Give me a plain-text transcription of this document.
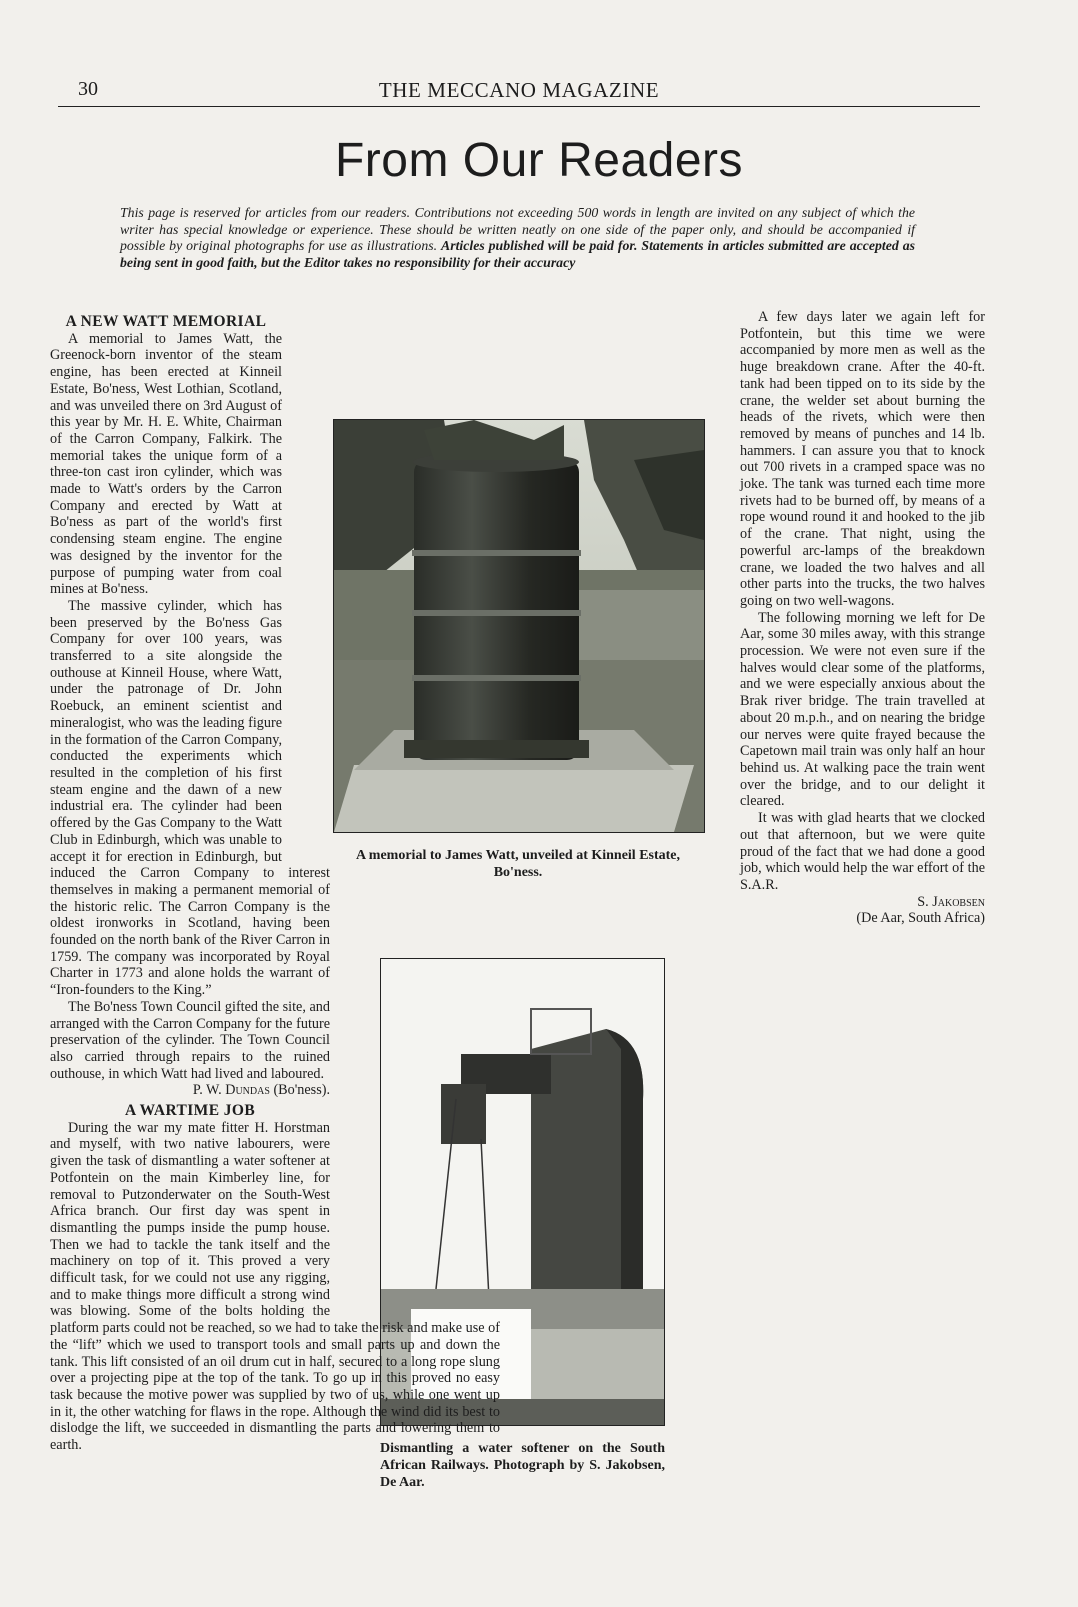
30	THE MECCANO MAGAZINE
From Our Readers
This page is reserved for articles from our readers. Contributions not exceeding 500 words in length are invited on any subject of which the writer has special knowledge or experience. These should be written neatly on one side of the paper only, and should be accompanied if possible by original photographs for use as illustrations. Articles published will be paid for. Statements in articles submitted are accepted as being sent in good faith, but the Editor takes no responsibility for their accuracy
A memorial to James Watt, unveiled at Kinneil Estate, Bo'ness.
Dismantling a water softener on the South African Railways. Photograph by S. Jakobsen, De Aar.
A NEW WATT MEMORIAL

A memorial to James Watt, the Greenock-born inventor of the steam engine, has been erected at Kinneil Estate, Bo'ness, West Lothian, Scotland, and was unveiled there on 3rd August of this year by Mr. H. E. White, Chairman of the Carron Company, Falkirk. The memorial takes the unique form of a three-ton cast iron cylinder, which was made to Watt's orders by the Carron Company and erected by Watt at Bo'ness as part of the world's first condensing steam engine. The engine was designed by the inventor for the purpose of pumping water from coal mines at Bo'ness.

The massive cylinder, which has been preserved by the Bo'ness Gas Company for over 100 years, was transferred to a site alongside the outhouse at Kinneil House, where Watt, under the patronage of Dr. John Roebuck, an eminent scientist and mineralogist, who was the leading figure in the formation of the Carron Company, conducted the experiments which resulted in the completion of his first steam engine and the dawn of a new industrial era. The cylinder had been offered by the Gas Company to the Watt Club in Edinburgh, which was unable to accept it for erection in Edinburgh, but induced the Carron Company to interest themselves in making a permanent memorial of the historic relic. The Carron Company is the oldest ironworks in Scotland, having been founded on the north bank of the River Carron in 1759. The company was incorporated by Royal Charter in 1773 and alone holds the warrant of “Iron-founders to the King.”

The Bo'ness Town Council gifted the site, and arranged with the Carron Company for the future preservation of the cylinder. The Town Council also carried through repairs to the ruined outhouse, in which Watt had lived and laboured.

P. W. Dundas (Bo'ness).

A WARTIME JOB

During the war my mate fitter H. Horstman and myself, with two native labourers, were given the task of dismantling a water softener at Potfontein on the main Kimberley line, for removal to Putzonderwater on the South-West Africa branch. Our first day was spent in dismantling the pumps inside the pump house. Then we had to tackle the tank itself and the machinery on top of it. This proved a very difficult task, for we could not use any rigging, and to make things more difficult a strong wind was blowing. Some of the bolts holding the platform parts could not be reached, so we had to take the risk and make use of the “lift” which we used to transport tools and small parts up and down the tank. This lift consisted of an oil drum cut in half, secured to a long rope slung over a projecting pipe at the top of the tank. To go up in this proved no easy task because the motive power was supplied by two of us, while one went up in it, the other watching for flaws in the rope. Although the wind did its best to dislodge the lift, we succeeded in dismantling the parts and lowering them to earth.

A few days later we again left for Potfontein, but this time we were accompanied by more men as well as the huge breakdown crane. After the 40-ft. tank had been tipped on to its side by the crane, the welder set about burning the heads of the rivets, which were then removed by means of punches and 14 lb. hammers. I can assure you that to knock out 700 rivets in a cramped space was no joke. The tank was turned each time more rivets had to be burned off, by means of a rope wound round it and hooked to the jib of the crane. That night, using the powerful arc-lamps of the breakdown crane, we loaded the two halves and all other parts into the trucks, the two halves going on two well-wagons.

The following morning we left for De Aar, some 30 miles away, with this strange procession. We were not even sure if the halves would clear some of the platforms, and we were especially anxious about the Brak river bridge. The train travelled at about 20 m.p.h., and on nearing the bridge our nerves were quite frayed because the Capetown mail train was only half an hour behind us. At walking pace the train went over the bridge, and to our delight it cleared.

It was with glad hearts that we clocked out that afternoon, but we were quite proud of the fact that we had done a good job, which would help the war effort of the S.A.R.

S. Jakobsen

(De Aar, South Africa)
